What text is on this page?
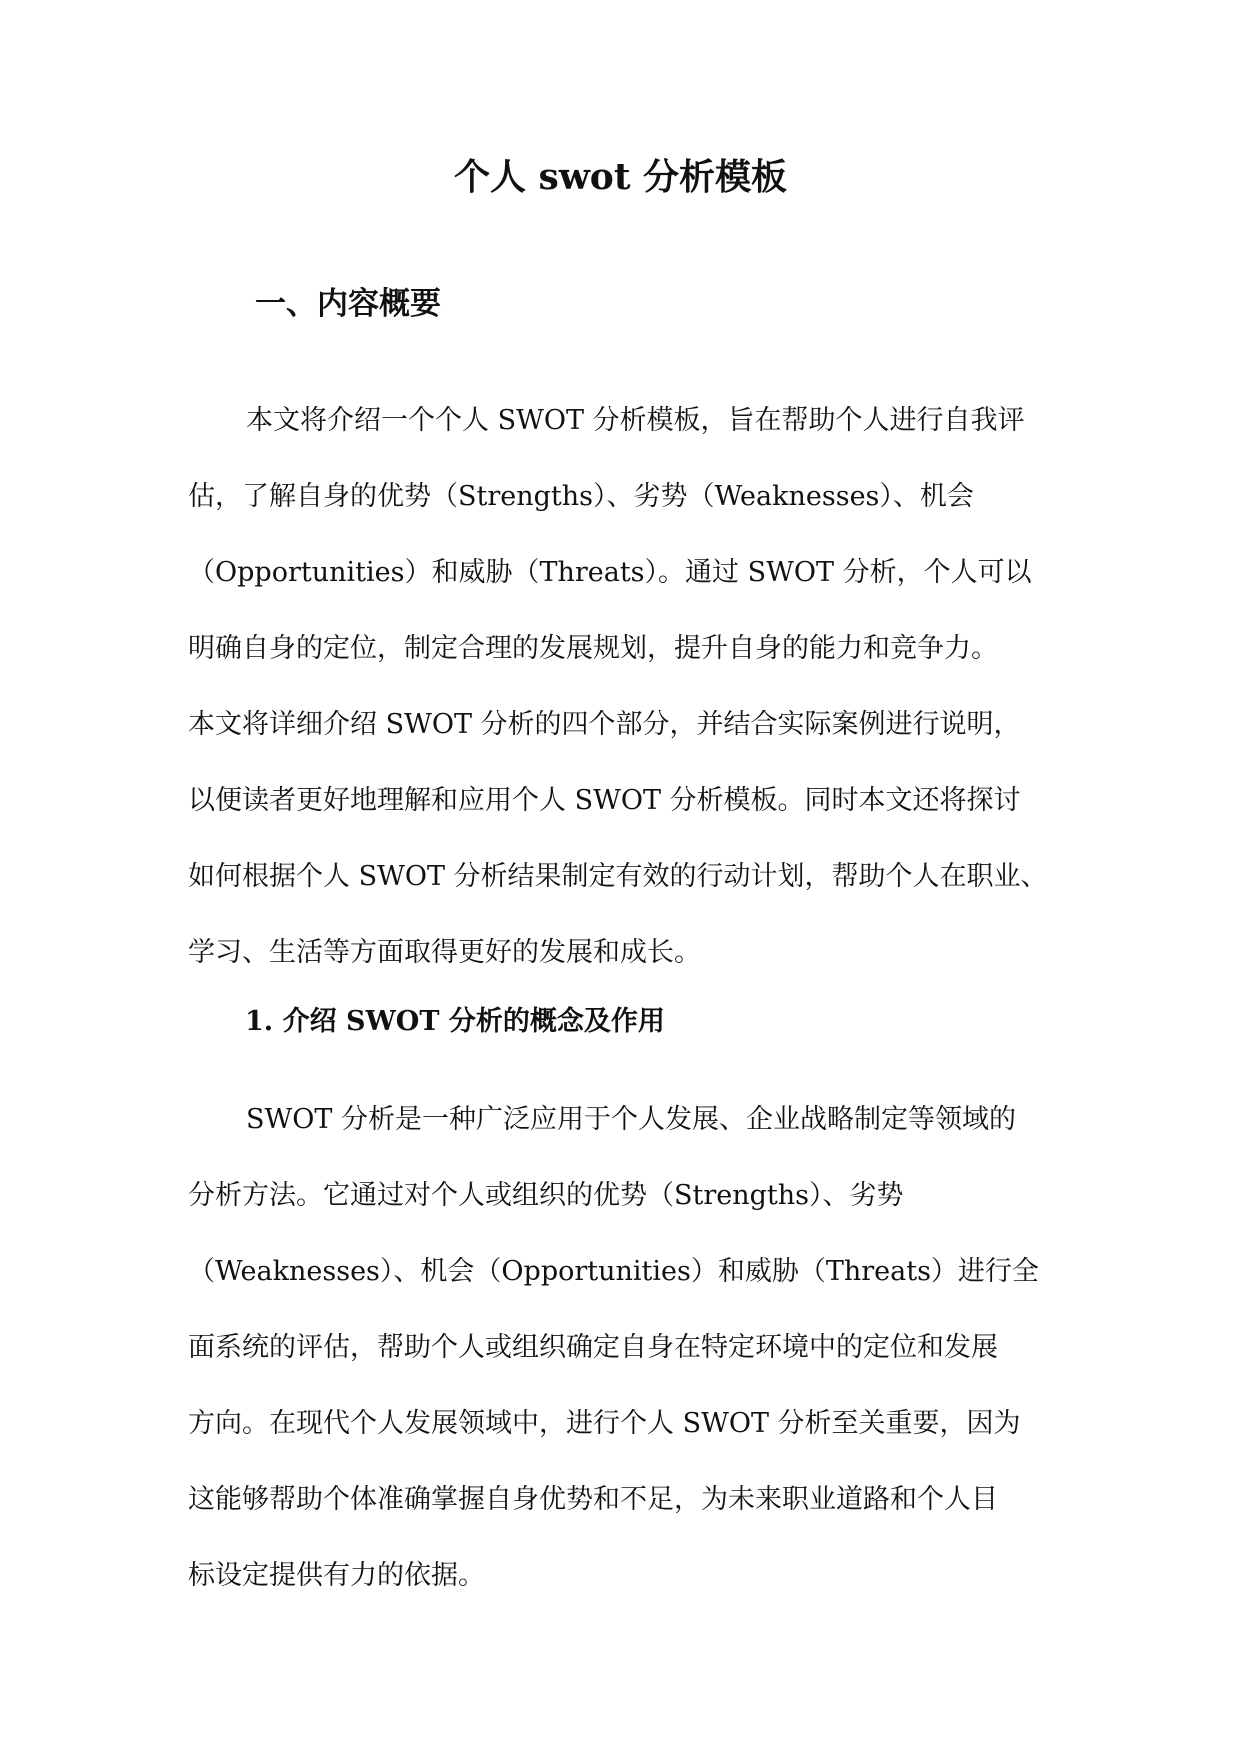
个人 swot 分析模板
一、内容概要
本文将介绍一个个人 SWOT 分析模板，旨在帮助个人进行自我评
估，了解自身的优势（Strengths）、劣势（Weaknesses）、机会
（Opportunities）和威胁（Threats）。通过 SWOT 分析，个人可以
明确自身的定位，制定合理的发展规划，提升自身的能力和竞争力。
本文将详细介绍 SWOT 分析的四个部分，并结合实际案例进行说明，
以便读者更好地理解和应用个人 SWOT 分析模板。同时本文还将探讨
如何根据个人 SWOT 分析结果制定有效的行动计划，帮助个人在职业、
学习、生活等方面取得更好的发展和成长。
1. 介绍 SWOT 分析的概念及作用
SWOT 分析是一种广泛应用于个人发展、企业战略制定等领域的
分析方法。它通过对个人或组织的优势（Strengths）、劣势
（Weaknesses）、机会（Opportunities）和威胁（Threats）进行全
面系统的评估，帮助个人或组织确定自身在特定环境中的定位和发展
方向。在现代个人发展领域中，进行个人 SWOT 分析至关重要，因为
这能够帮助个体准确掌握自身优势和不足，为未来职业道路和个人目
标设定提供有力的依据。
